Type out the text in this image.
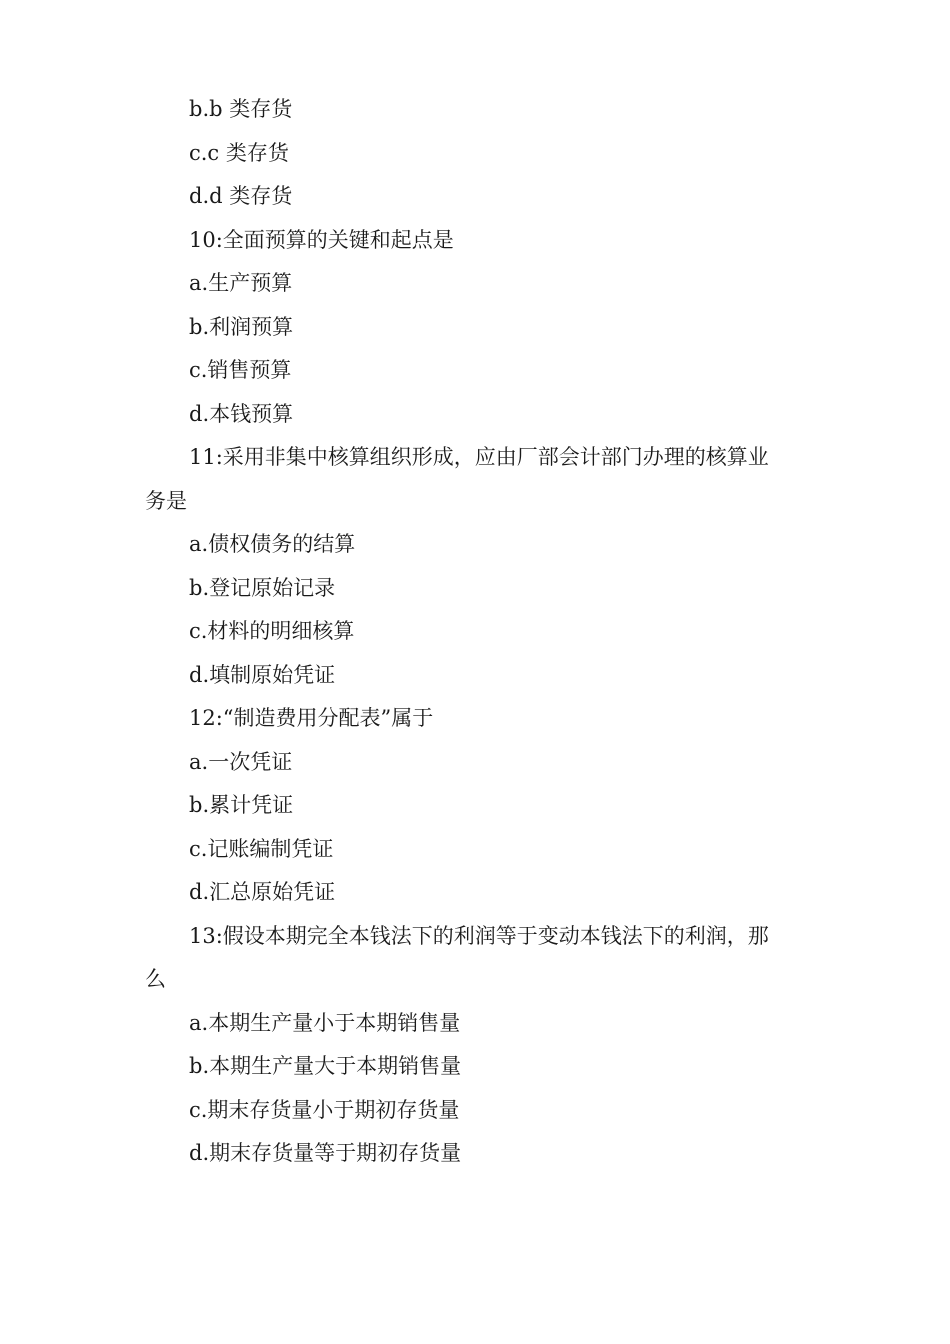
b.b 类存货

c.c 类存货

d.d 类存货

10:全面预算的关键和起点是

a.生产预算

b.利润预算

c.销售预算

d.本钱预算

11:采用非集中核算组织形成，应由厂部会计部门办理的核算业

务是

a.债权债务的结算

b.登记原始记录

c.材料的明细核算

d.填制原始凭证

12:“制造费用分配表”属于

a.一次凭证

b.累计凭证

c.记账编制凭证

d.汇总原始凭证

13:假设本期完全本钱法下的利润等于变动本钱法下的利润，那

么

a.本期生产量小于本期销售量

b.本期生产量大于本期销售量

c.期末存货量小于期初存货量

d.期末存货量等于期初存货量
